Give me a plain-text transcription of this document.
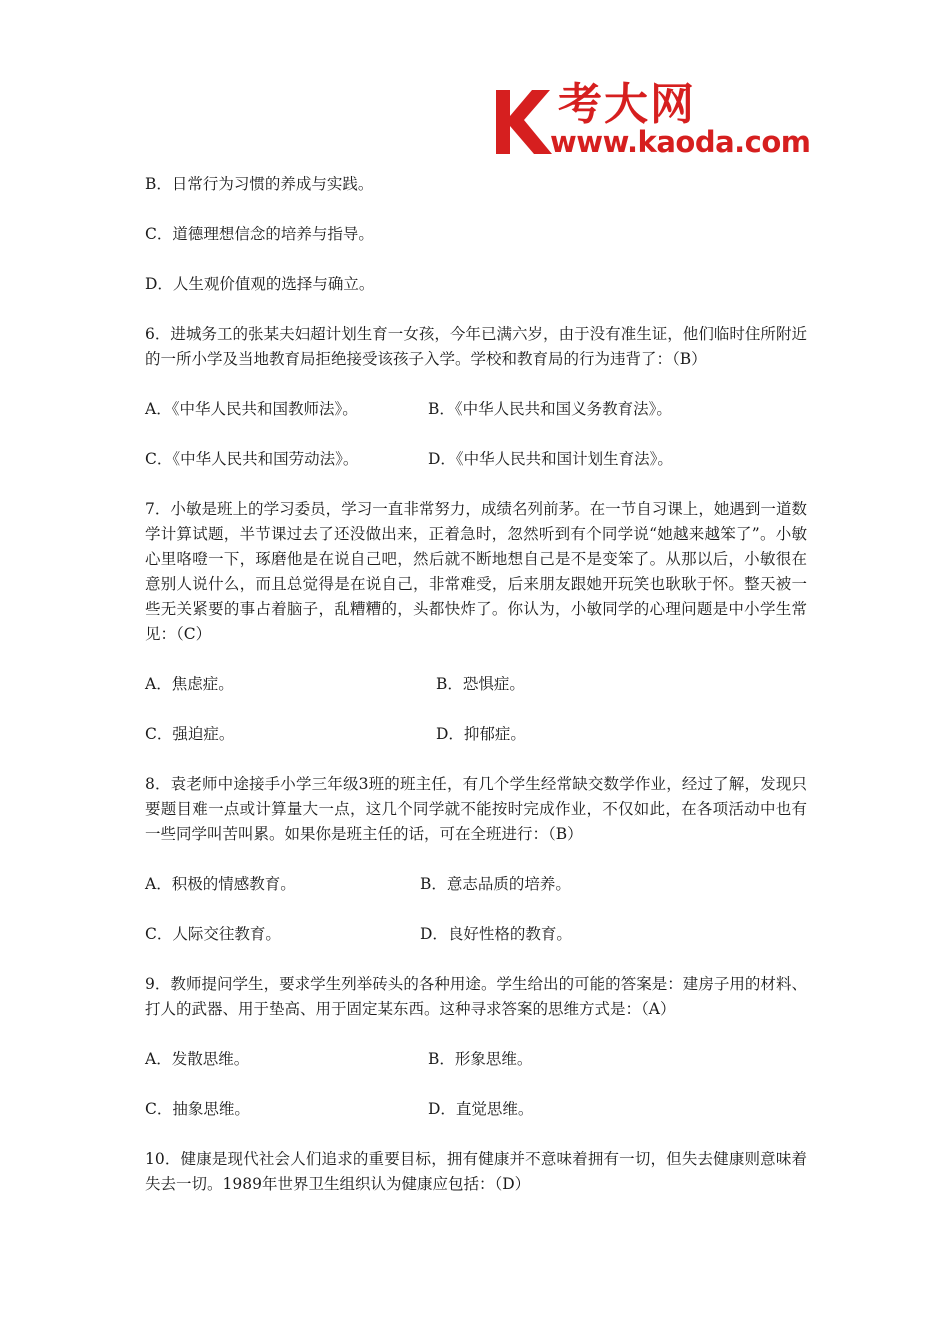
考大网
www.kaoda.com

B．日常行为习惯的养成与实践。

C．道德理想信念的培养与指导。

D．人生观价值观的选择与确立。

6．进城务工的张某夫妇超计划生育一女孩，今年已满六岁，由于没有准生证，他们临时住所附近的一所小学及当地教育局拒绝接受该孩子入学。学校和教育局的行为违背了：（B）

A．《中华人民共和国教师法》。	B．《中华人民共和国义务教育法》。
C．《中华人民共和国劳动法》。	D．《中华人民共和国计划生育法》。

7．小敏是班上的学习委员，学习一直非常努力，成绩名列前茅。在一节自习课上，她遇到一道数学计算试题，半节课过去了还没做出来，正着急时，忽然听到有个同学说“她越来越笨了”。小敏心里咯噔一下，琢磨他是在说自己吧，然后就不断地想自己是不是变笨了。从那以后，小敏很在意别人说什么，而且总觉得是在说自己，非常难受，后来朋友跟她开玩笑也耿耿于怀。整天被一些无关紧要的事占着脑子，乱糟糟的，头都快炸了。你认为，小敏同学的心理问题是中小学生常见：（C）

A．焦虑症。	B．恐惧症。
C．强迫症。	D．抑郁症。

8．袁老师中途接手小学三年级3班的班主任，有几个学生经常缺交数学作业，经过了解，发现只要题目难一点或计算量大一点，这几个同学就不能按时完成作业，不仅如此，在各项活动中也有一些同学叫苦叫累。如果你是班主任的话，可在全班进行：（B）

A．积极的情感教育。	B．意志品质的培养。
C．人际交往教育。	D．良好性格的教育。

9．教师提问学生，要求学生列举砖头的各种用途。学生给出的可能的答案是：建房子用的材料、打人的武器、用于垫高、用于固定某东西。这种寻求答案的思维方式是：（A）

A．发散思维。	B．形象思维。
C．抽象思维。	D．直觉思维。

10．健康是现代社会人们追求的重要目标，拥有健康并不意味着拥有一切，但失去健康则意味着失去一切。1989年世界卫生组织认为健康应包括：（D）
